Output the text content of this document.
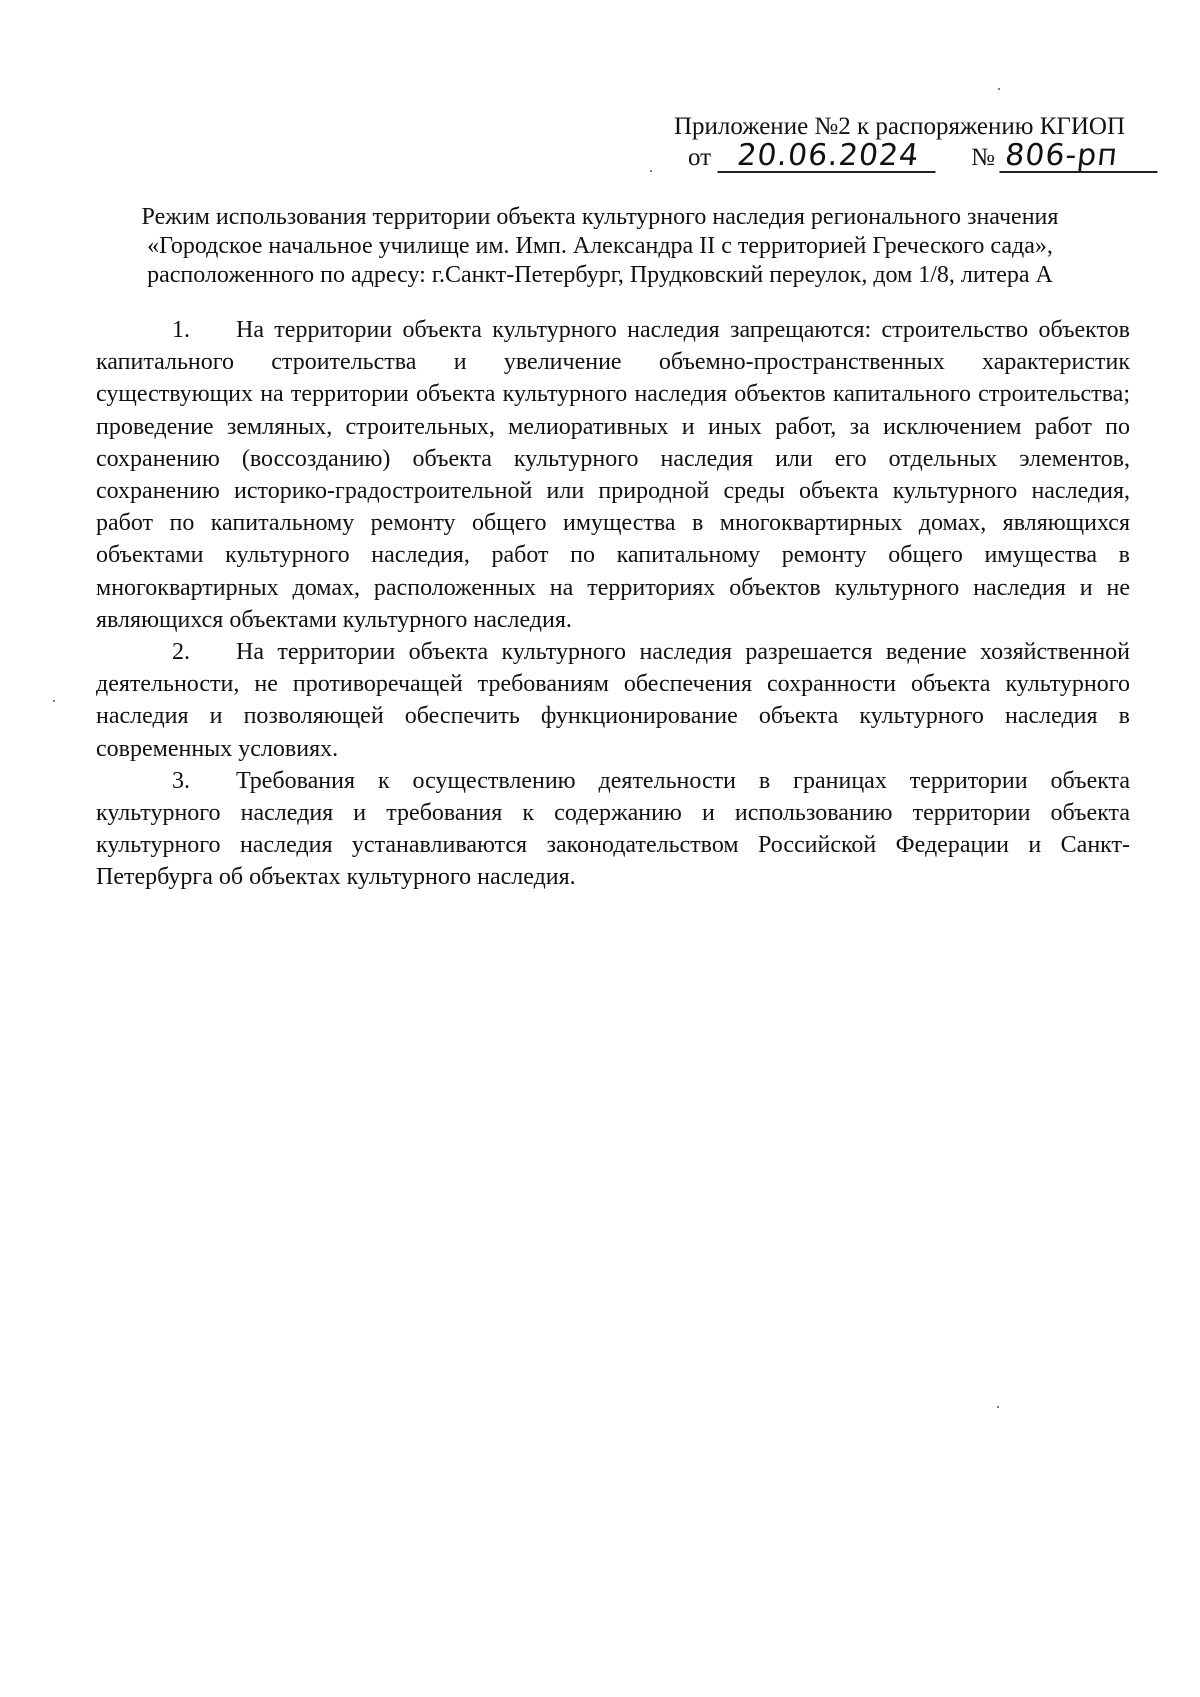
Приложение №2 к распоряжению КГИОП
от 20.06.2024 № 806-рп
Режим использования территории объекта культурного наследия регионального значения
«Городское начальное училище им. Имп. Александра II с территорией Греческого сада»,
расположенного по адресу: г.Санкт-Петербург, Прудковский переулок, дом 1/8, литера А

1. На территории объекта культурного наследия запрещаются: строительство объектов капитального строительства и увеличение объемно-пространственных характеристик существующих на территории объекта культурного наследия объектов капитального строительства; проведение земляных, строительных, мелиоративных и иных работ, за исключением работ по сохранению (воссозданию) объекта культурного наследия или его отдельных элементов, сохранению историко-градостроительной или природной среды объекта культурного наследия, работ по капитальному ремонту общего имущества в многоквартирных домах, являющихся объектами культурного наследия, работ по капитальному ремонту общего имущества в многоквартирных домах, расположенных на территориях объектов культурного наследия и не являющихся объектами культурного наследия.

2. На территории объекта культурного наследия разрешается ведение хозяйственной деятельности, не противоречащей требованиям обеспечения сохранности объекта культурного наследия и позволяющей обеспечить функционирование объекта культурного наследия в современных условиях.

3. Требования к осуществлению деятельности в границах территории объекта культурного наследия и требования к содержанию и использованию территории объекта культурного наследия устанавливаются законодательством Российской Федерации и Санкт-Петербурга об объектах культурного наследия.
